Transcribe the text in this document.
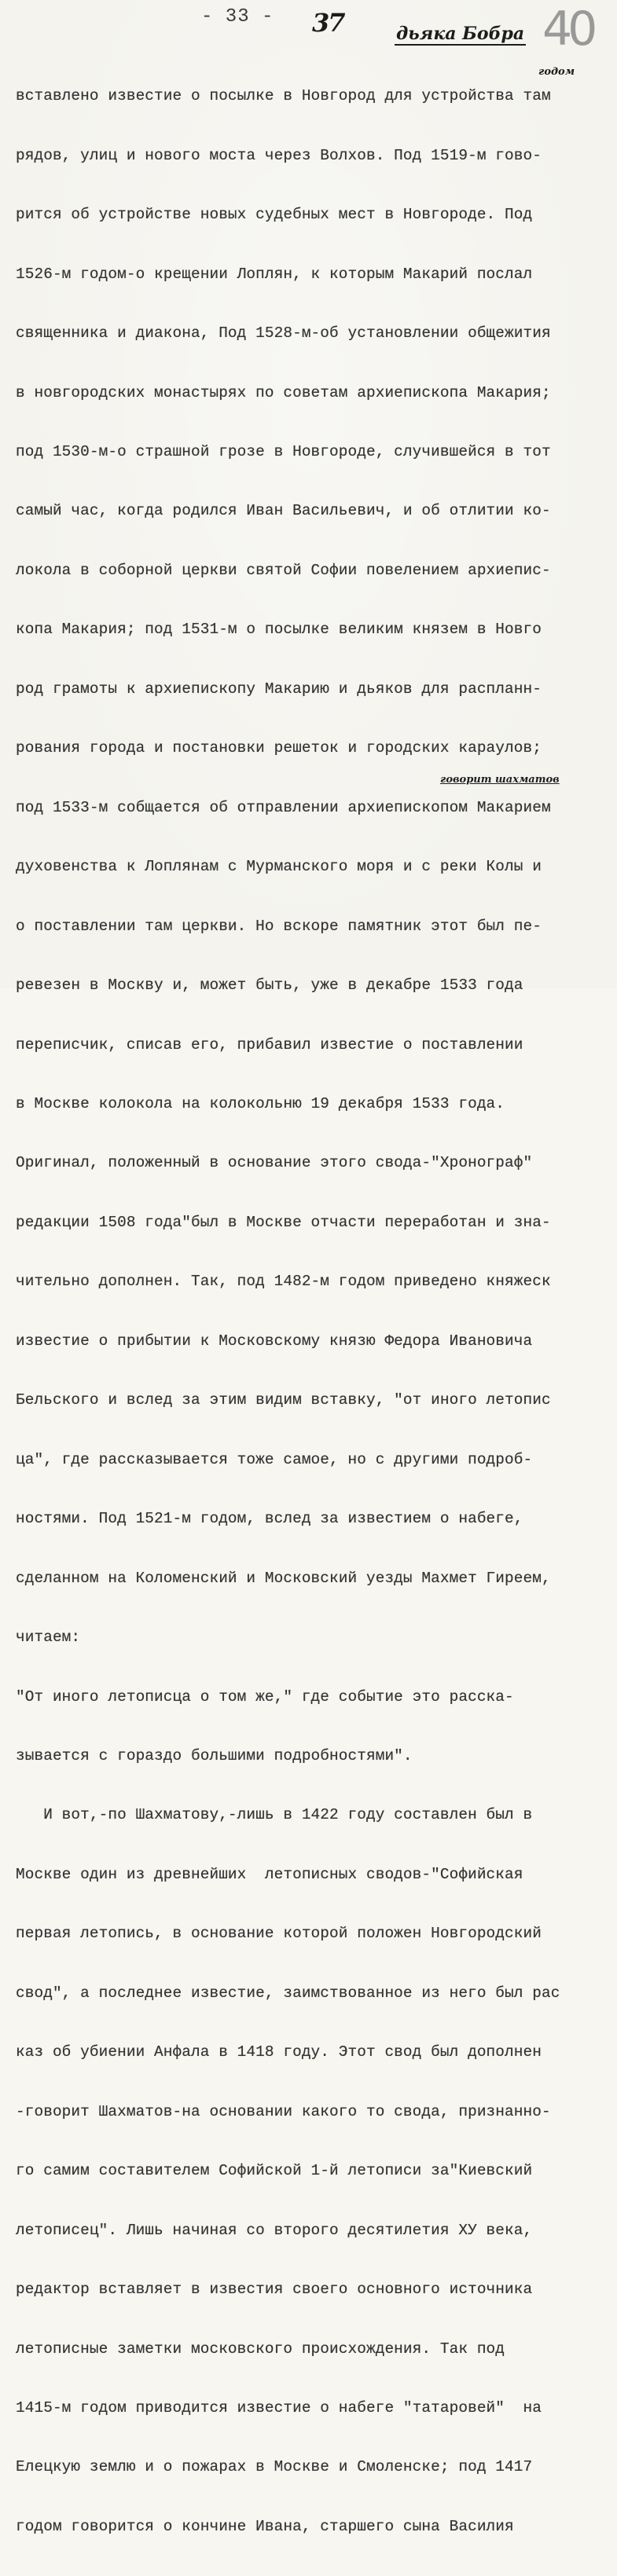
- 33 - 37	дьяка Бобра 40
годом
говорит шахматов

вставлено известие о посылке в Новгород для устройства там

рядов, улиц и нового моста через Волхов. Под 1519-м гово-

рится об устройстве новых судебных мест в Новгороде. Под

1526-м годом-о крещении Лоплян, к которым Макарий послал

священника и диакона, Под 1528-м-об установлении общежития

в новгородских монастырях по советам архиепископа Макария;

под 1530-м-о страшной грозе в Новгороде, случившейся в тот

самый час, когда родился Иван Васильевич, и об отлитии ко-

локола в соборной церкви святой Софии повелением архиепис-

копа Макария; под 1531-м о посылке великим князем в Новго

род грамоты к архиепископу Макарию и дьяков для распланн-

рования города и постановки решеток и городских караулов;

под 1533-м собщается об отправлении архиепископом Макарием

духовенства к Лоплянам с Мурманского моря и с реки Колы и

о поставлении там церкви. Но вскоре памятник этот был пе-

ревезен в Москву и, может быть, уже в декабре 1533 года

переписчик, списав его, прибавил известие о поставлении

в Москве колокола на колокольню 19 декабря 1533 года.

Оригинал, положенный в основание этого свода-"Хронограф"

редакции 1508 года"был в Москве отчасти переработан и зна-

чительно дополнен. Так, под 1482-м годом приведено княжеск

известие о прибытии к Московскому князю Федора Ивановича

Бельского и вслед за этим видим вставку, "от иного летопис

ца", где рассказывается тоже самое, но с другими подроб-

ностями. Под 1521-м годом, вслед за известием о набеге,

сделанном на Коломенский и Московский уезды Махмет Гиреем,

читаем:

"От иного летописца о том же," где событие это расска-

зывается с гораздо большими подробностями".

И вот,-по Шахматову,-лишь в 1422 году составлен был в

Москве один из древнейших  летописных сводов-"Софийская

первая летопись, в основание которой положен Новгородский

свод", а последнее известие, заимствованное из него был рас

каз об убиении Анфала в 1418 году. Этот свод был дополнен

-говорит Шахматов-на основании какого то свода, признанно-

го самим составителем Софийской 1-й летописи за"Киевский

летописец". Лишь начиная со второго десятилетия ХУ века,

редактор вставляет в известия своего основного источника

летописные заметки московского происхождения. Так под

1415-м годом приводится известие о набеге "татаровей"  на

Елецкую землю и о пожарах в Москве и Смоленске; под 1417

годом говорится о кончине Ивана, старшего сына Василия
